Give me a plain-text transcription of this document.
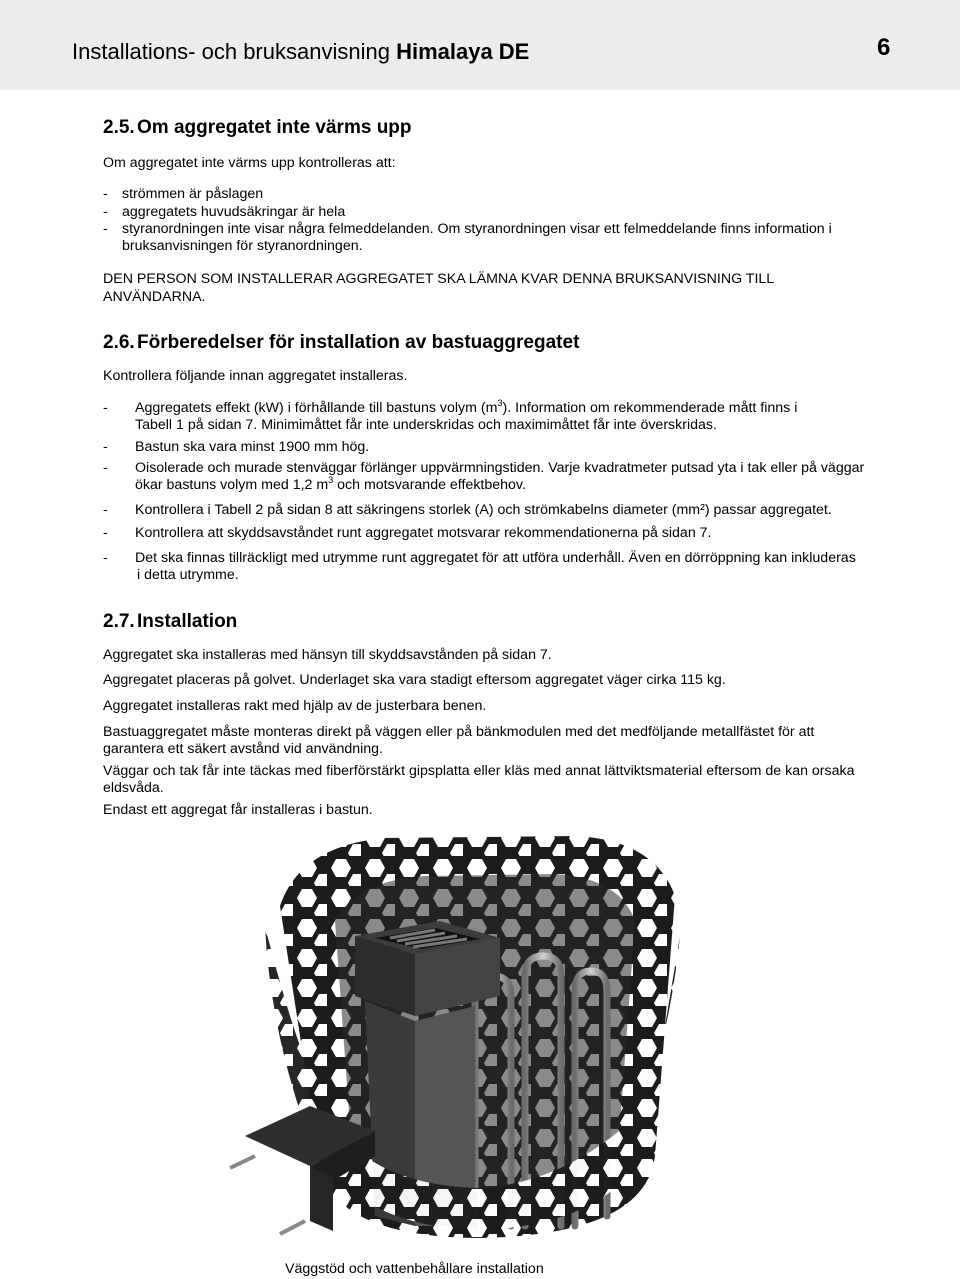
Installations- och bruksanvisning Himalaya DE	6
2.5. Om aggregatet inte värms upp
Om aggregatet inte värms upp kontrolleras att:
- strömmen är påslagen
- aggregatets huvudsäkringar är hela
- styranordningen inte visar några felmeddelanden. Om styranordningen visar ett felmeddelande finns information i
bruksanvisningen för styranordningen.
DEN PERSON SOM INSTALLERAR AGGREGATET SKA LÄMNA KVAR DENNA BRUKSANVISNING TILL
ANVÄNDARNA.
2.6. Förberedelser för installation av bastuaggregatet
Kontrollera följande innan aggregatet installeras.
- Aggregatets effekt (kW) i förhållande till bastuns volym $(m^3)$. Information om rekommenderade mått finns i
Tabell 1 på sidan 7. Minimimåttet får inte underskridas och maximimåttet får inte överskridas.
- Bastun ska vara minst 1900 mm hög.
- Oisolerade och murade stenväggar förlänger uppvärmningstiden. Varje kvadratmeter putsad yta i tak eller på väggar
ökar bastuns volym med 1,2 $m^3$ och motsvarande effektbehov.
- Kontrollera i Tabell 2 på sidan 8 att säkringens storlek (A) och strömkabelns diameter (mm²) passar aggregatet.
- Kontrollera att skyddsavståndet runt aggregatet motsvarar rekommendationerna på sidan 7.
- Det ska finnas tillräckligt med utrymme runt aggregatet för att utföra underhåll. Även en dörröppning kan inkluderas
i detta utrymme.
2.7. Installation
Aggregatet ska installeras med hänsyn till skyddsavstånden på sidan 7.
Aggregatet placeras på golvet. Underlaget ska vara stadigt eftersom aggregatet väger cirka 115 kg.
Aggregatet installeras rakt med hjälp av de justerbara benen.
Bastuaggregatet måste monteras direkt på väggen eller på bänkmodulen med det medföljande metallfästet för att
garantera ett säkert avstånd vid användning.
Väggar och tak får inte täckas med fiberförstärkt gipsplatta eller kläs med annat lättviktsmaterial eftersom de kan orsaka
eldsvåda.
Endast ett aggregat får installeras i bastun.
Väggstöd och vattenbehållare installation
